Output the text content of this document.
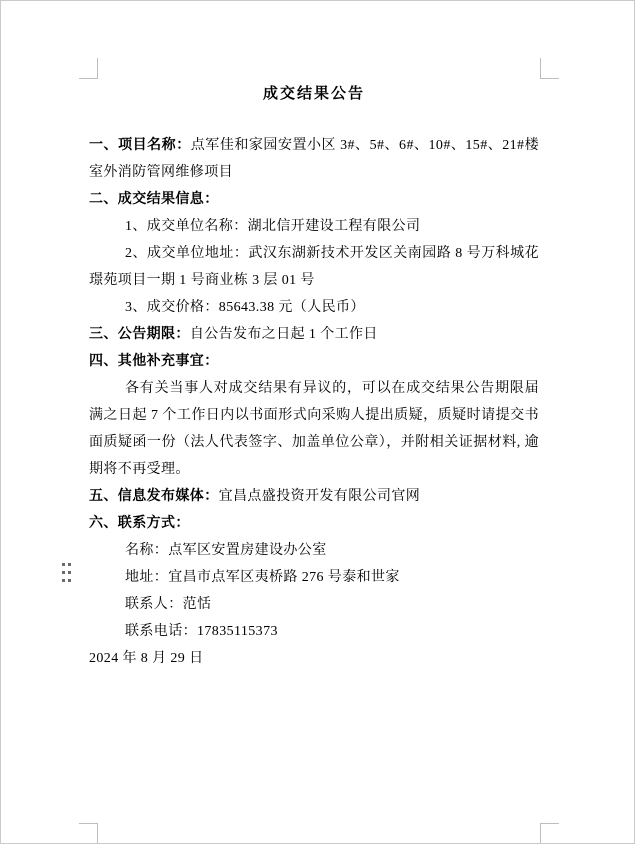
成交结果公告

一、项目名称：点军佳和家园安置小区 3#、5#、6#、10#、15#、21#楼室外消防管网维修项目

二、成交结果信息：

1、成交单位名称：湖北信开建设工程有限公司

2、成交单位地址：武汉东湖新技术开发区关南园路 8 号万科城花璟苑项目一期 1 号商业栋 3 层 01 号

3、成交价格：85643.38 元（人民币）

三、公告期限：自公告发布之日起 1 个工作日

四、其他补充事宜：

各有关当事人对成交结果有异议的，可以在成交结果公告期限届满之日起 7 个工作日内以书面形式向采购人提出质疑，质疑时请提交书面质疑函一份（法人代表签字、加盖单位公章），并附相关证据材料, 逾期将不再受理。

五、信息发布媒体：宜昌点盛投资开发有限公司官网

六、联系方式：

名称：点军区安置房建设办公室

地址：宜昌市点军区夷桥路 276 号泰和世家

联系人：范恬

联系电话：17835115373

2024 年 8 月 29 日
